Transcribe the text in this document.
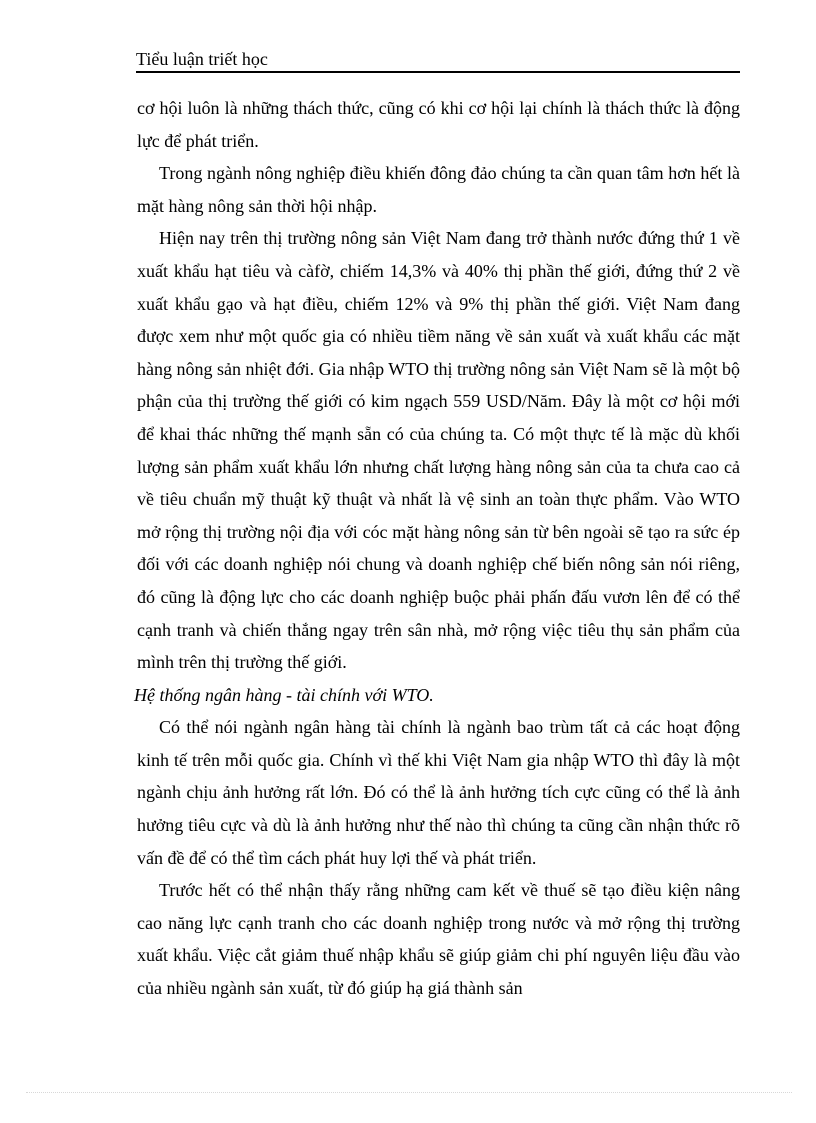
Tiểu luận triết học

cơ hội luôn là những thách thức, cũng có khi cơ hội lại chính là thách thức là động lực để phát triển.

Trong ngành nông nghiệp điều khiến đông đảo chúng ta cần quan tâm hơn hết là mặt hàng nông sản thời hội nhập.

Hiện nay trên thị trường nông sản Việt Nam đang trở thành nước đứng thứ 1 về xuất khẩu hạt tiêu và càfờ, chiếm 14,3% và 40% thị phần thế giới, đứng thứ 2 về xuất khẩu gạo và hạt điều, chiếm 12% và 9% thị phần thế giới. Việt Nam đang được xem như một quốc gia có nhiều tiềm năng về sản xuất và xuất khẩu các mặt hàng nông sản nhiệt đới. Gia nhập WTO thị trường nông sản Việt Nam sẽ là một bộ phận của thị trường thế giới có kim ngạch 559 USD/Năm. Đây là một cơ hội mới để khai thác những thế mạnh sẵn có của chúng ta. Có một thực tế là mặc dù khối lượng sản phẩm xuất khẩu lớn nhưng chất lượng hàng nông sản của ta chưa cao cả về tiêu chuẩn mỹ thuật kỹ thuật và nhất là vệ sinh an toàn thực phẩm. Vào WTO mở rộng thị trường nội địa với cóc mặt hàng nông sản từ bên ngoài sẽ tạo ra sức ép đối với các doanh nghiệp nói chung và doanh nghiệp chế biến nông sản nói riêng, đó cũng là động lực cho các doanh nghiệp buộc phải phấn đấu vươn lên để có thể cạnh tranh và chiến thắng ngay trên sân nhà, mở rộng việc tiêu thụ sản phẩm của mình trên thị trường thế giới.

Hệ thống ngân hàng - tài chính với WTO.

Có thể nói ngành ngân hàng tài chính là ngành bao trùm tất cả các hoạt động kinh tế trên mỗi quốc gia. Chính vì thế khi Việt Nam gia nhập WTO thì đây là một ngành chịu ảnh hưởng rất lớn. Đó có thể là ảnh hưởng tích cực cũng có thể là ảnh hưởng tiêu cực và dù là ảnh hưởng như thế nào thì chúng ta cũng cần nhận thức rõ vấn đề để có thể tìm cách phát huy lợi thế và phát triển.

Trước hết có thể nhận thấy rằng những cam kết về thuế sẽ tạo điều kiện nâng cao năng lực cạnh tranh cho các doanh nghiệp trong nước và mở rộng thị trường xuất khẩu. Việc cắt giảm thuế nhập khẩu sẽ giúp giảm chi phí nguyên liệu đầu vào của nhiều ngành sản xuất, từ đó giúp hạ giá thành sản
